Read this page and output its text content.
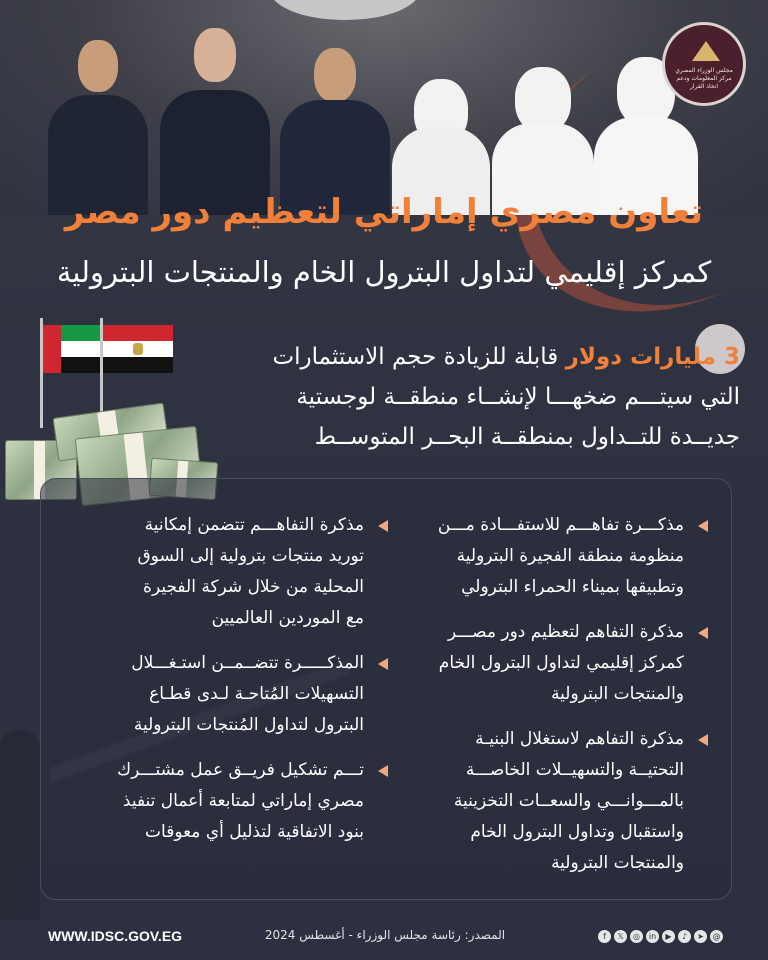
مجلس الوزراء المصري
مركز المعلومات ودعم اتخاذ القرار
تعاون مصري إماراتي لتعظيم دور مصر
كمركز إقليمي لتداول البترول الخام والمنتجات البترولية
3 مليارات دولار قابلة للزيادة حجم الاستثمارات
التي سيتـــم ضخهـــا لإنشــاء منطقــة لوجستية
جديــدة للتــداول بمنطقــة البحــر المتوســط
مذكـــرة تفاهـــم للاستفـــادة مـــن
منظومة منطقة الفجيرة البترولية
وتطبيقها بميناء الحمراء البترولي
مذكرة التفاهم لتعظيم دور مصـــر
كمركز إقليمي لتداول البترول الخام
والمنتجات البترولية
مذكرة التفاهم لاستغلال البنيـة
التحتيــة والتسهيــلات الخاصـــة
بالمـــوانـــي والسعــات التخزينية
واستقبال وتداول البترول الخام
والمنتجات البترولية
مذكرة التفاهـــم تتضمن إمكانية
توريد منتجات بترولية إلى السوق
المحلية من خلال شركة الفجيرة
مع الموردين العالميين
المذكـــــرة تتضــمــن استـغـــلال
التسهيلات المُتاحـة لـدى قطـاع
البترول لتداول المُنتجات البترولية
تـــم تشكيل فريــق عمل مشتـــرك
مصري إماراتي لمتابعة أعمال تنفيذ
بنود الاتفاقية لتذليل أي معوقات
WWW.IDSC.GOV.EG	المصدر: رئاسة مجلس الوزراء - أغسطس 2024	f	𝕏	◎	in	▶	♪	➤	@
